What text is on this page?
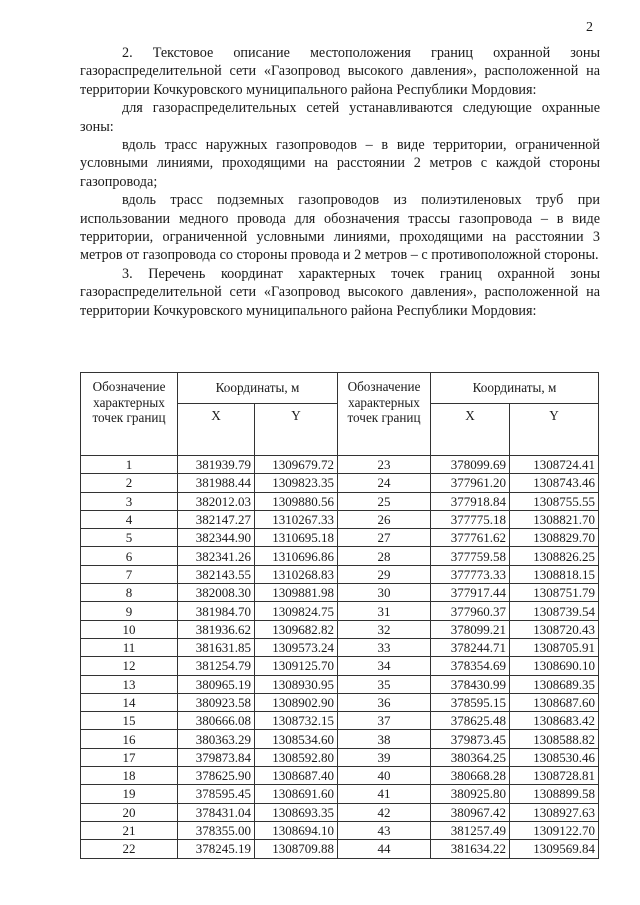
2

2. Текстовое описание местоположения границ охранной зоны газораспределительной сети «Газопровод высокого давления», расположенной на территории Кочкуровского муниципального района Республики Мордовия:

для газораспределительных сетей устанавливаются следующие охранные зоны:

вдоль трасс наружных газопроводов – в виде территории, ограниченной условными линиями, проходящими на расстоянии 2 метров с каждой стороны газопровода;

вдоль трасс подземных газопроводов из полиэтиленовых труб при использовании медного провода для обозначения трассы газопровода – в виде территории, ограниченной условными линиями, проходящими на расстоянии 3 метров от газопровода со стороны провода и 2 метров – с противоположной стороны.

3. Перечень координат характерных точек границ охранной зоны газораспределительной сети «Газопровод высокого давления», расположенной на территории Кочкуровского муниципального района Республики Мордовия:

Обозначение характерных точек границ	Координаты, м		Обозначение характерных точек границ	Координаты, м	
	X	Y		X	Y
1	381939.79	1309679.72	23	378099.69	1308724.41
2	381988.44	1309823.35	24	377961.20	1308743.46
3	382012.03	1309880.56	25	377918.84	1308755.55
4	382147.27	1310267.33	26	377775.18	1308821.70
5	382344.90	1310695.18	27	377761.62	1308829.70
6	382341.26	1310696.86	28	377759.58	1308826.25
7	382143.55	1310268.83	29	377773.33	1308818.15
8	382008.30	1309881.98	30	377917.44	1308751.79
9	381984.70	1309824.75	31	377960.37	1308739.54
10	381936.62	1309682.82	32	378099.21	1308720.43
11	381631.85	1309573.24	33	378244.71	1308705.91
12	381254.79	1309125.70	34	378354.69	1308690.10
13	380965.19	1308930.95	35	378430.99	1308689.35
14	380923.58	1308902.90	36	378595.15	1308687.60
15	380666.08	1308732.15	37	378625.48	1308683.42
16	380363.29	1308534.60	38	379873.45	1308588.82
17	379873.84	1308592.80	39	380364.25	1308530.46
18	378625.90	1308687.40	40	380668.28	1308728.81
19	378595.45	1308691.60	41	380925.80	1308899.58
20	378431.04	1308693.35	42	380967.42	1308927.63
21	378355.00	1308694.10	43	381257.49	1309122.70
22	378245.19	1308709.88	44	381634.22	1309569.84
